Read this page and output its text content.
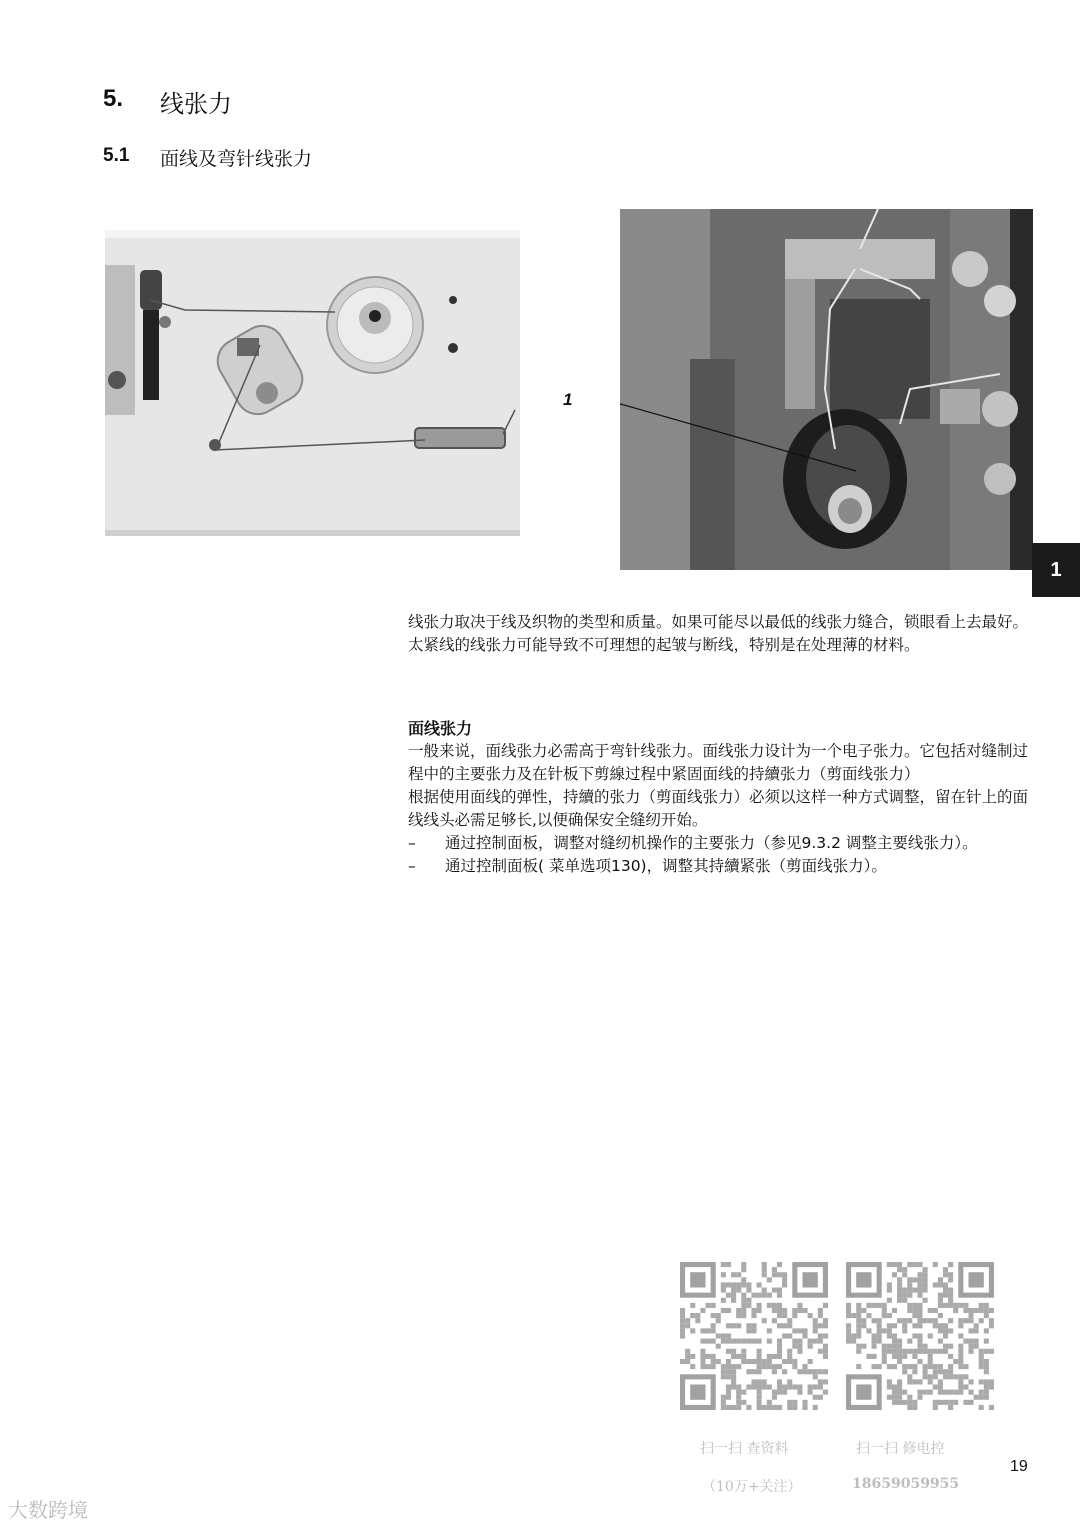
5. 线张力
5.1 面线及弯针线张力
1
1

线张力取决于线及织物的类型和质量。如果可能尽以最低的线张力缝合，锁眼看上去最好。

太紧线的线张力可能导致不可理想的起皱与断线，特别是在处理薄的材料。

面线张力

一般来说，面线张力必需高于弯针线张力。面线张力设计为一个电子张力。它包括对缝制过程中的主要张力及在针板下剪線过程中紧固面线的持續张力（剪面线张力）

根据使用面线的弹性，持續的张力（剪面线张力）必须以这样一种方式调整，留在针上的面线线头必需足够长,以便确保安全缝纫开始。

– 通过控制面板，调整对缝纫机操作的主要张力（参见9.3.2 调整主要线张力）。

– 通过控制面板( 菜单选项130)，调整其持續紧张（剪面线张力）。

扫一扫 查资料
（10万+关注）
扫一扫 修电控
18659059955
19
大数跨境
